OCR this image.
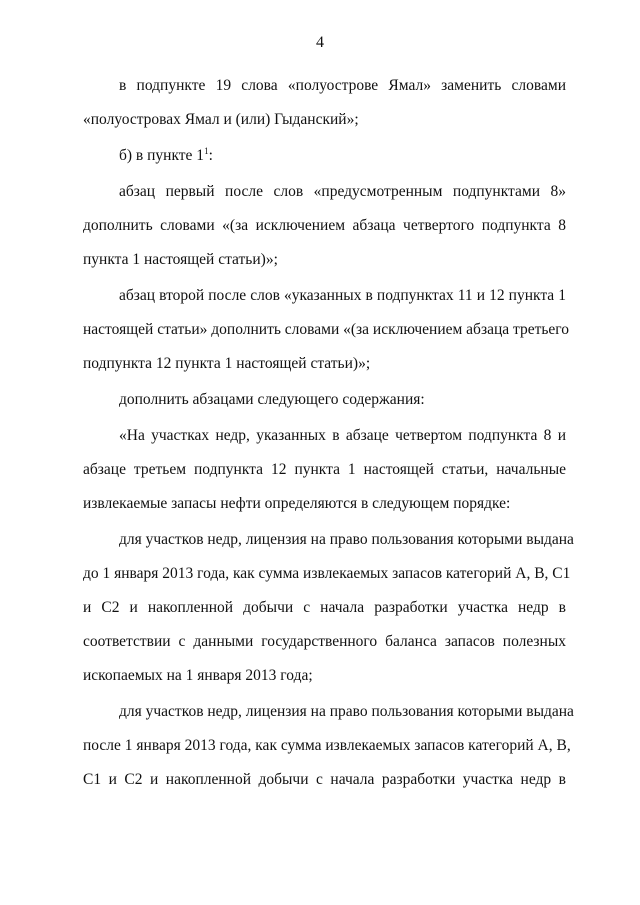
4
в подпункте 19 слова «полуострове Ямал» заменить словами
«полуостровах Ямал и (или) Гыданский»;
б) в пункте $1^1$:
абзац первый после слов «предусмотренным подпунктами 8»
дополнить словами «(за исключением абзаца четвертого подпункта 8
пункта 1 настоящей статьи)»;
абзац второй после слов «указанных в подпунктах 11 и 12 пункта 1
настоящей статьи» дополнить словами «(за исключением абзаца третьего
подпункта 12 пункта 1 настоящей статьи)»;
дополнить абзацами следующего содержания:
«На участках недр, указанных в абзаце четвертом подпункта 8 и
абзаце третьем подпункта 12 пункта 1 настоящей статьи, начальные
извлекаемые запасы нефти определяются в следующем порядке:
для участков недр, лицензия на право пользования которыми выдана
до 1 января 2013 года, как сумма извлекаемых запасов категорий А, В, С1
и С2 и накопленной добычи с начала разработки участка недр в
соответствии с данными государственного баланса запасов полезных
ископаемых на 1 января 2013 года;
для участков недр, лицензия на право пользования которыми выдана
после 1 января 2013 года, как сумма извлекаемых запасов категорий А, В,
С1 и С2 и накопленной добычи с начала разработки участка недр в
